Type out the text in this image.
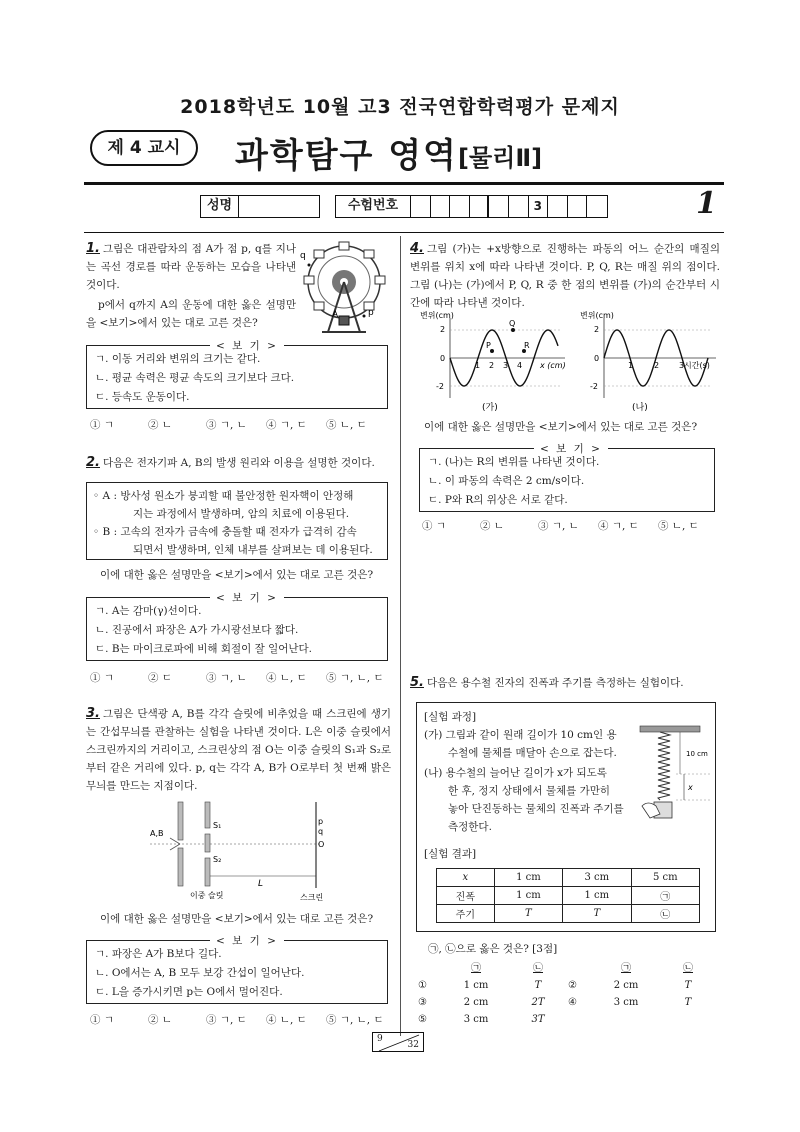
2018학년도 10월 고3 전국연합학력평가 문제지
제 4 교시	과학탐구 영역 [물리Ⅱ]
성명	수험번호	3	1
1. 그림은 대관람차의 점 A가 점 p, q를 지나는 곡선 경로를 따라 운동하는 모습을 나타낸 것이다.
p에서 q까지 A의 운동에 대한 옳은 설명만을 <보기>에서 있는 대로 고른 것은?
q
A	p
ㄱ. 이동 거리와 변위의 크기는 같다.
ㄴ. 평균 속력은 평균 속도의 크기보다 크다.
ㄷ. 등속도 운동이다.
< 보 기 >
① ㄱ	② ㄴ	③ ㄱ, ㄴ	④ ㄱ, ㄷ	⑤ ㄴ, ㄷ
2. 다음은 전자기파 A, B의 발생 원리와 이용을 설명한 것이다.
◦ A : 방사성 원소가 붕괴할 때 불안정한 원자핵이 안정해
지는 과정에서 발생하며, 암의 치료에 이용된다.
◦ B : 고속의 전자가 금속에 충돌할 때 전자가 급격히 감속
되면서 발생하며, 인체 내부를 살펴보는 데 이용된다.
이에 대한 옳은 설명만을 <보기>에서 있는 대로 고른 것은?
ㄱ. A는 감마(γ)선이다.
ㄴ. 진공에서 파장은 A가 가시광선보다 짧다.
ㄷ. B는 마이크로파에 비해 회절이 잘 일어난다.
< 보 기 >
① ㄱ	② ㄷ	③ ㄱ, ㄴ	④ ㄴ, ㄷ	⑤ ㄱ, ㄴ, ㄷ
3. 그림은 단색광 A, B를 각각 슬릿에 비추었을 때 스크린에 생기는 간섭무늬를 관찰하는 실험을 나타낸 것이다. L은 이중 슬릿에서 스크린까지의 거리이고, 스크린상의 점 O는 이중 슬릿의 S₁과 S₂로부터 같은 거리에 있다. p, q는 각각 A, B가 O로부터 첫 번째 밝은 무늬를 만드는 지점이다.
A,B
S₁
S₂
p
q
O
L
이중 슬릿	스크린
이에 대한 옳은 설명만을 <보기>에서 있는 대로 고른 것은?
ㄱ. 파장은 A가 B보다 길다.
ㄴ. O에서는 A, B 모두 보강 간섭이 일어난다.
ㄷ. L을 증가시키면 p는 O에서 멀어진다.
< 보 기 >
① ㄱ	② ㄴ	③ ㄱ, ㄷ	④ ㄴ, ㄷ	⑤ ㄱ, ㄴ, ㄷ
4. 그림 (가)는 +x방향으로 진행하는 파동의 어느 순간의 매질의 변위를 위치 x에 따라 나타낸 것이다. P, Q, R는 매질 위의 점이다. 그림 (나)는 (가)에서 P, Q, R 중 한 점의 변위를 (가)의 순간부터 시간에 따라 나타낸 것이다.
변위(cm)
x (cm)
2
0
-2
1 2 3 4
P
Q
R
(가)
변위(cm)
시간(s)
2
0
-2
1	2 3
(나)
이에 대한 옳은 설명만을 <보기>에서 있는 대로 고른 것은?
ㄱ. (나)는 R의 변위를 나타낸 것이다.
ㄴ. 이 파동의 속력은 2 cm/s이다.
ㄷ. P와 R의 위상은 서로 같다.
< 보 기 >
① ㄱ	② ㄴ	③ ㄱ, ㄴ	④ ㄱ, ㄷ	⑤ ㄴ, ㄷ
5. 다음은 용수철 진자의 진폭과 주기를 측정하는 실험이다.
[실험 과정]
(가) 그림과 같이 원래 길이가 10 cm인 용
수철에 물체를 매달아 손으로 잡는다.
(나) 용수철의 늘어난 길이가 x가 되도록
한 후, 정지 상태에서 물체를 가만히
놓아 단진동하는 물체의 진폭과 주기를
측정한다.
10 cm
x
[실험 결과]
x	1 cm	3 cm	5 cm
진폭	1 cm	1 cm	㉠
주기	T	T	㉡
㉠, ㉡으로 옳은 것은? [3점]
㉠	㉡	㉠	㉡
①	1 cm	T	②	2 cm	T
③	2 cm	2T	④	3 cm	T
⑤	3 cm	3T
9
32
